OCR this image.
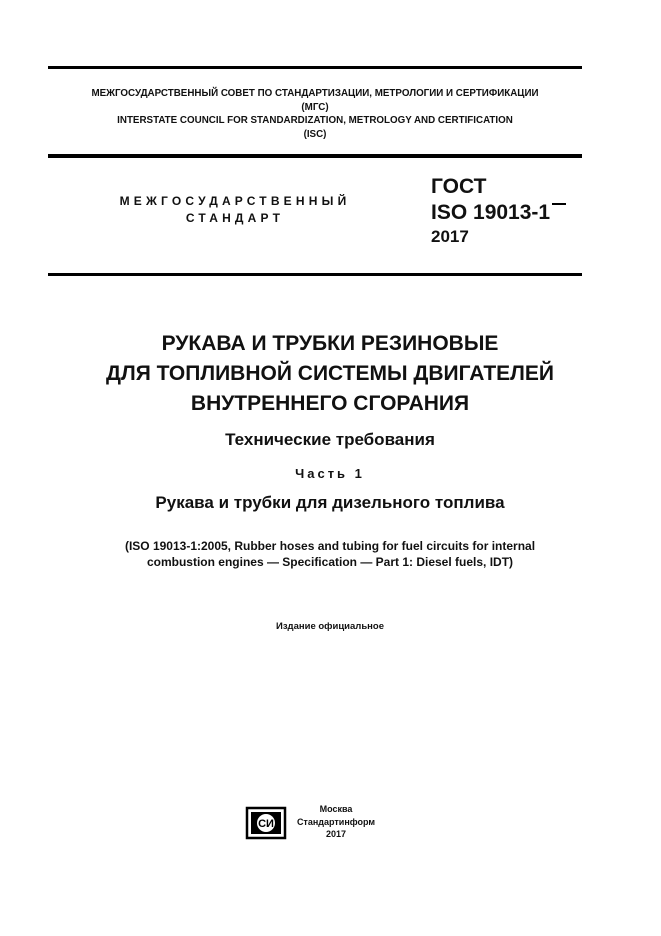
МЕЖГОСУДАРСТВЕННЫЙ СОВЕТ ПО СТАНДАРТИЗАЦИИ, МЕТРОЛОГИИ И СЕРТИФИКАЦИИ
(МГС)
INTERSTATE COUNCIL FOR STANDARDIZATION, METROLOGY AND CERTIFICATION
(ISC)
МЕЖГОСУДАРСТВЕННЫЙ
СТАНДАРТ
ГОСТ
ISO 19013-1
2017
РУКАВА И ТРУБКИ РЕЗИНОВЫЕ
ДЛЯ ТОПЛИВНОЙ СИСТЕМЫ ДВИГАТЕЛЕЙ
ВНУТРЕННЕГО СГОРАНИЯ
Технические требования
Часть 1
Рукава и трубки для дизельного топлива
(ISO 19013-1:2005, Rubber hoses and tubing for fuel circuits for internal
combustion engines — Specification — Part 1: Diesel fuels, IDT)
Издание официальное
СИ
Москва
Стандартинформ
2017
